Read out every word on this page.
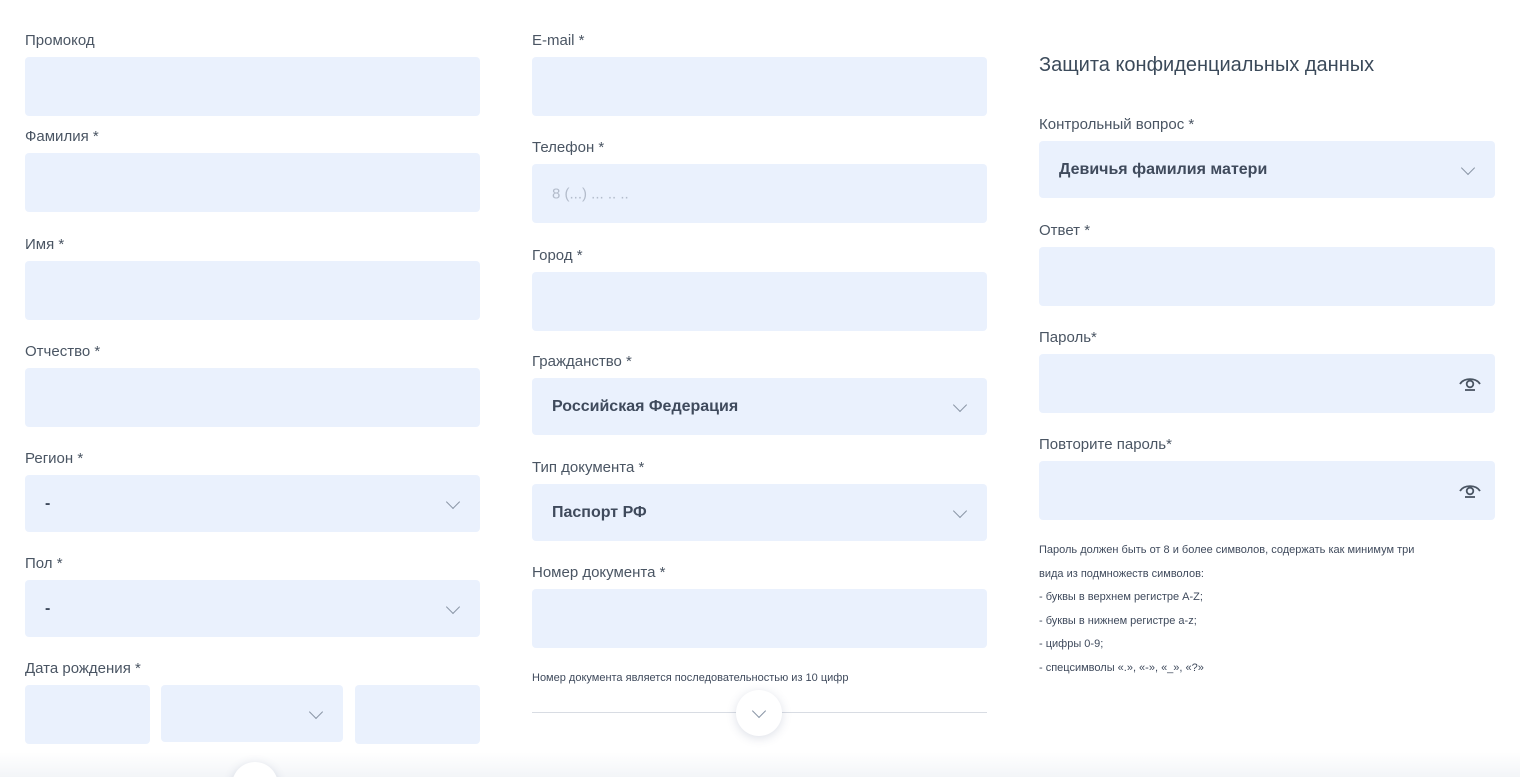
Промокод
Фамилия *
Имя *
Отчество *
Регион *
-
Пол *
-
Дата рождения *
E-mail *
Телефон *
8 (...) ... .. ..
Город *
Гражданство *
Российская Федерация
Тип документа *
Паспорт РФ
Номер документа *
Номер документа является последовательностью из 10 цифр
Защита конфиденциальных данных
Контрольный вопрос *
Девичья фамилия матери
Ответ *
Пароль*
Повторите пароль*
Пароль должен быть от 8 и более символов, содержать как минимум три
вида из подмножеств символов:
- буквы в верхнем регистре A-Z;
- буквы в нижнем регистре a-z;
- цифры 0-9;
- спецсимволы «.», «-», «_», «?»
